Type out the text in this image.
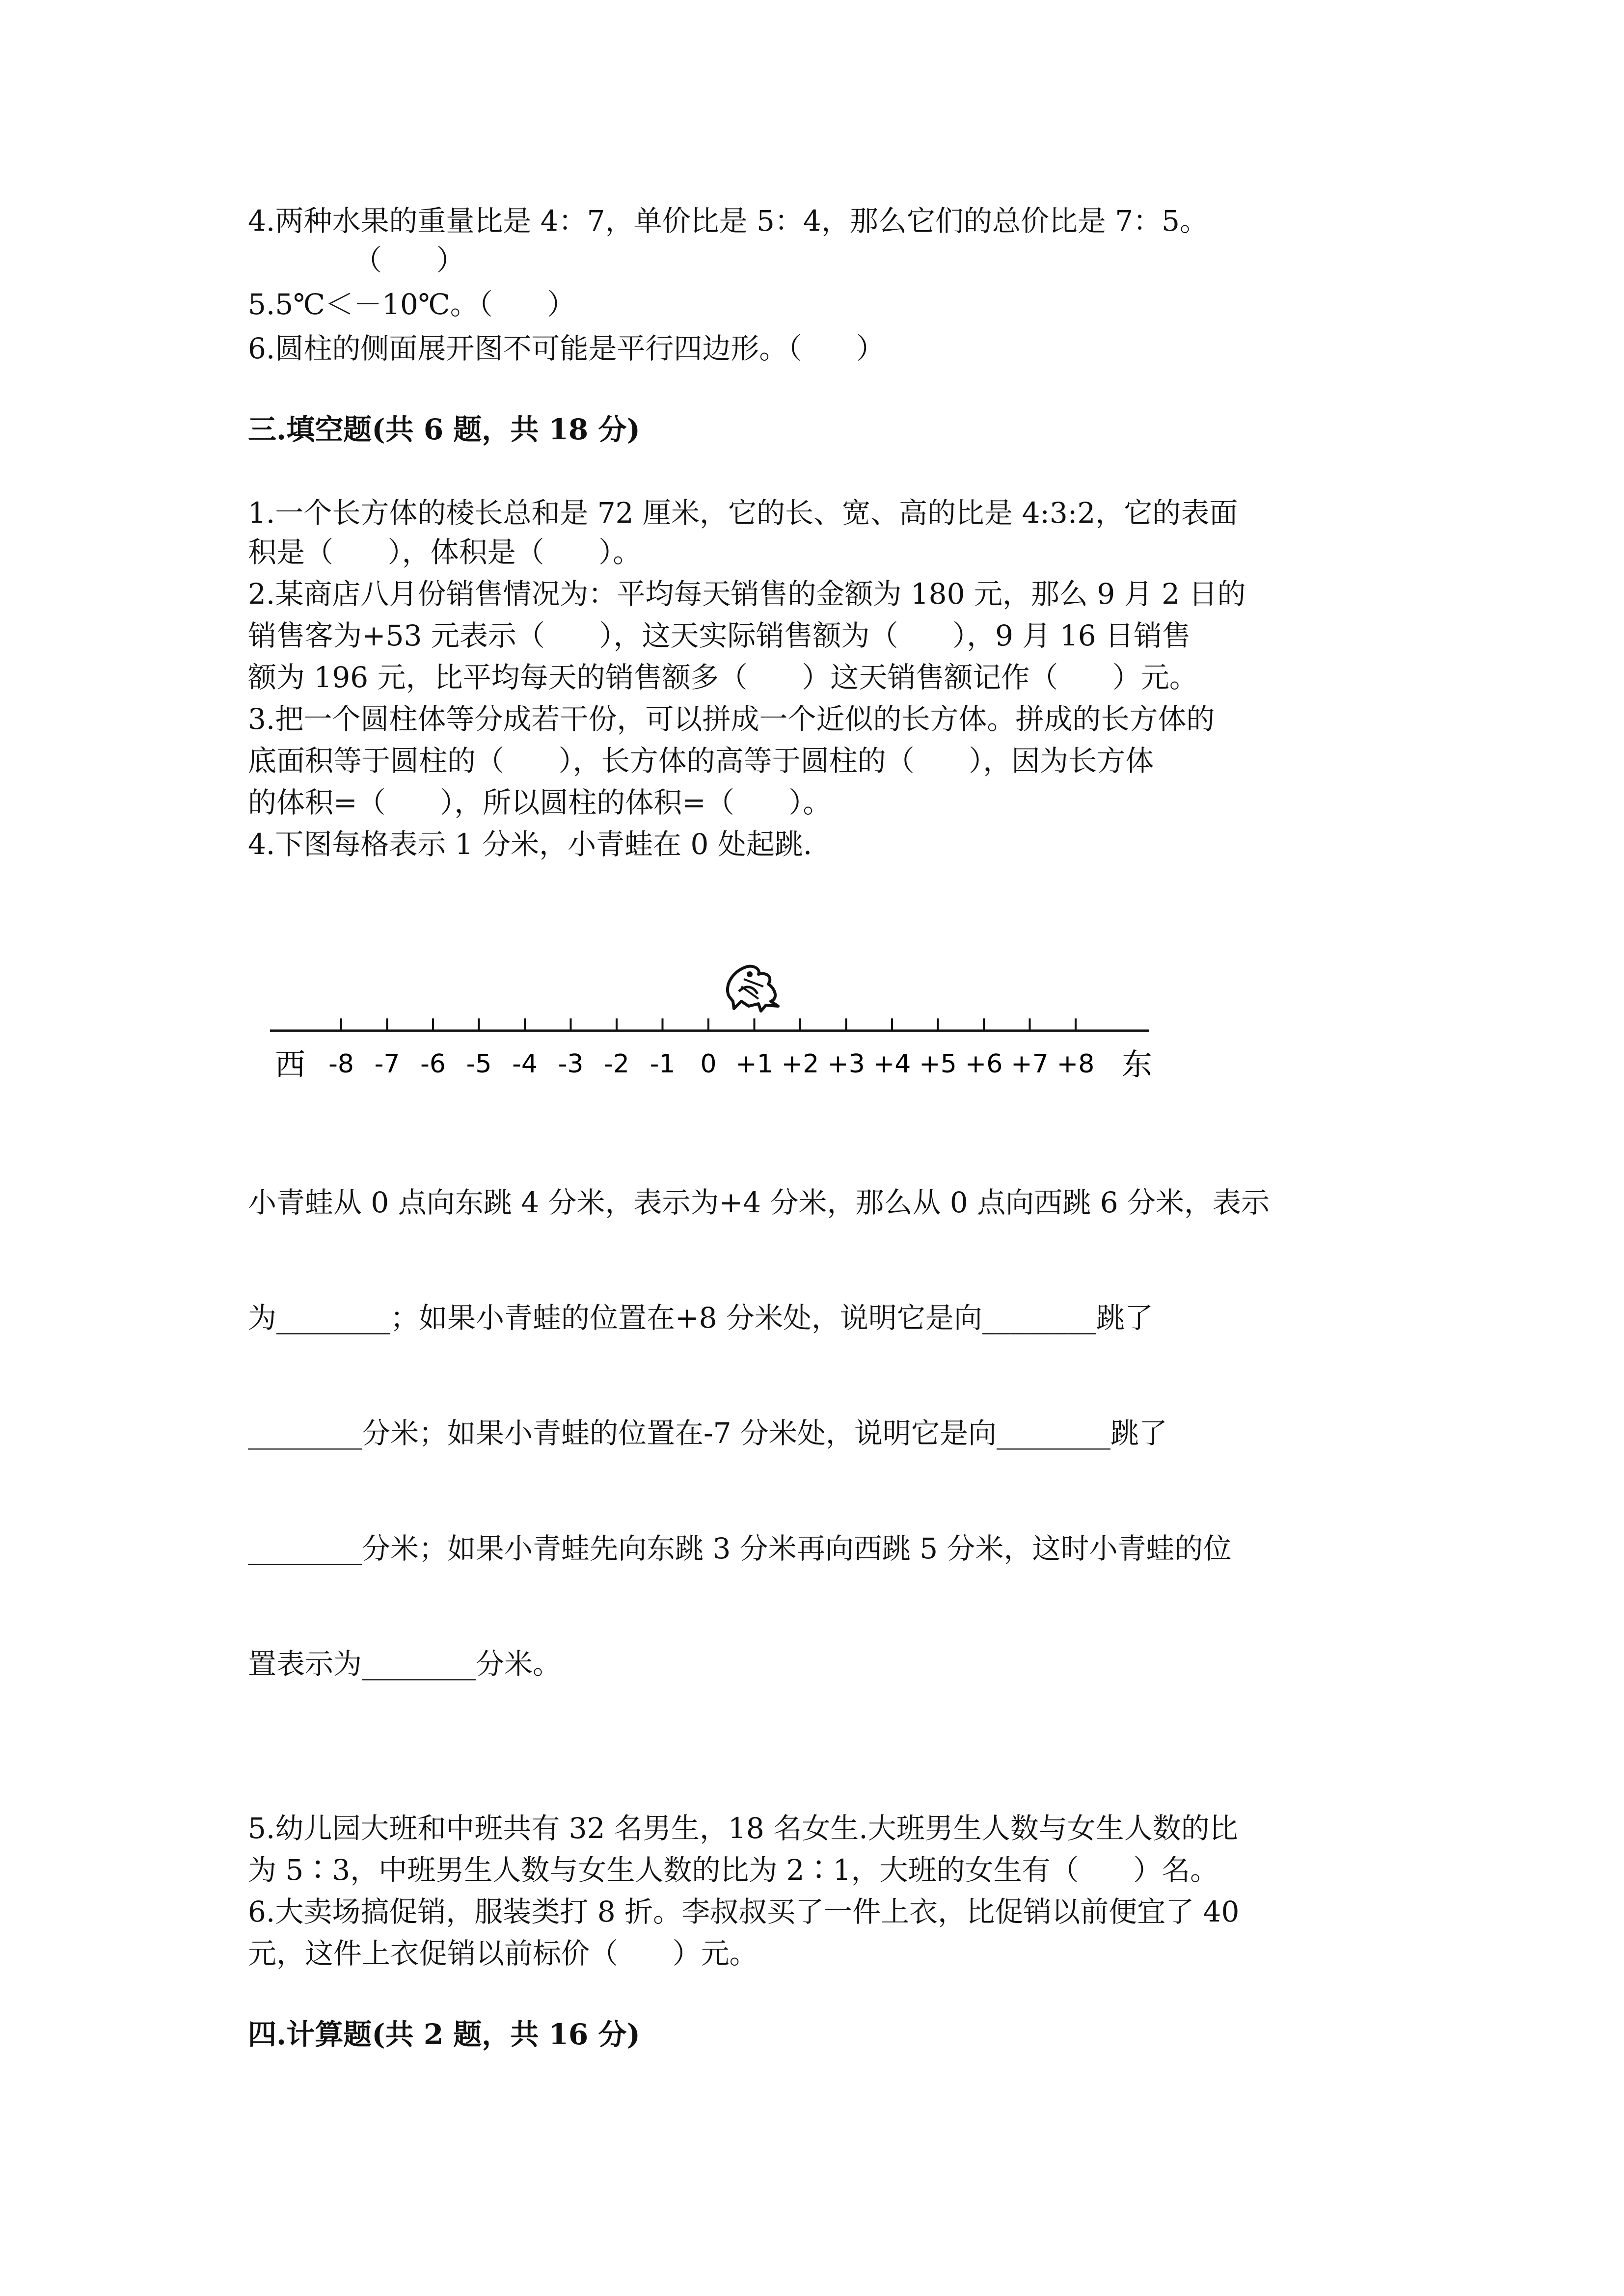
4.两种水果的重量比是 4：7，单价比是 5：4，那么它们的总价比是 7：5。

（      ）

5.5℃＜－10℃。（      ）

6.圆柱的侧面展开图不可能是平行四边形。（      ）

三.填空题(共 6 题，共 18 分)

1.一个长方体的棱长总和是 72 厘米，它的长、宽、高的比是 4:3:2，它的表面

积是（      ），体积是（      ）。

2.某商店八月份销售情况为：平均每天销售的金额为 180 元，那么 9 月 2 日的

销售客为+53 元表示（      ），这天实际销售额为（      ），9 月 16 日销售

额为 196 元，比平均每天的销售额多（      ）这天销售额记作（      ）元。

3.把一个圆柱体等分成若干份，可以拼成一个近似的长方体。拼成的长方体的

底面积等于圆柱的（      ），长方体的高等于圆柱的（      ），因为长方体

的体积=（      ），所以圆柱的体积=（      ）。

4.下图每格表示 1 分米，小青蛙在 0 处起跳.

-8 -7 -6 -5 -4 -3 -2 -1 0 +1 +2 +3 +4 +5 +6 +7 +8
西	东

小青蛙从 0 点向东跳 4 分米，表示为+4 分米，那么从 0 点向西跳 6 分米，表示

为________；如果小青蛙的位置在+8 分米处，说明它是向________跳了

________分米；如果小青蛙的位置在-7 分米处，说明它是向________跳了

________分米；如果小青蛙先向东跳 3 分米再向西跳 5 分米，这时小青蛙的位

置表示为________分米。

5.幼儿园大班和中班共有 32 名男生，18 名女生.大班男生人数与女生人数的比

为 5∶3，中班男生人数与女生人数的比为 2∶1，大班的女生有（      ）名。

6.大卖场搞促销，服装类打 8 折。李叔叔买了一件上衣，比促销以前便宜了 40

元，这件上衣促销以前标价（      ）元。

四.计算题(共 2 题，共 16 分)
